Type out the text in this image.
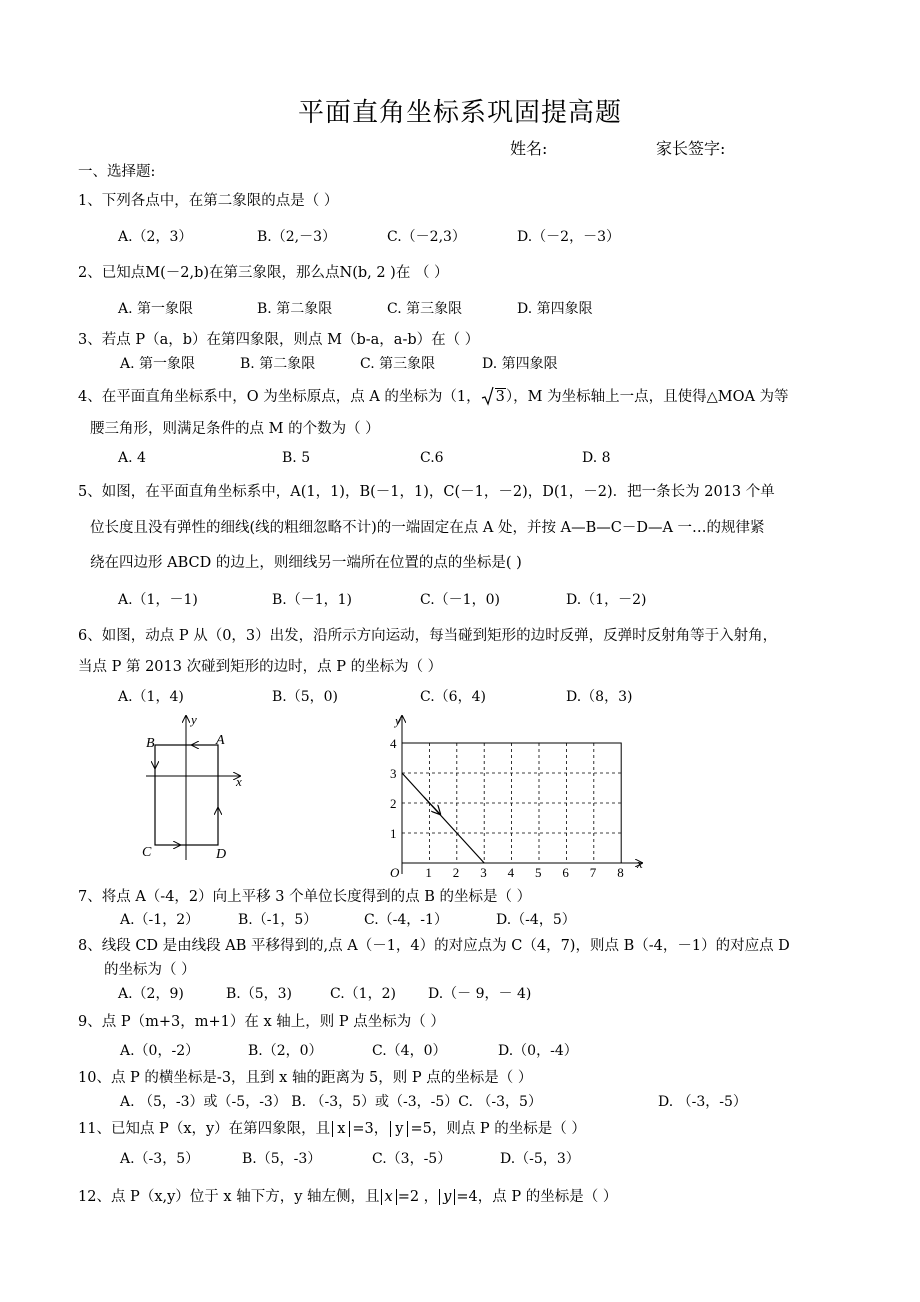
平面直角坐标系巩固提高题
姓名:	家长签字:
一、选择题:
1、下列各点中，在第二象限的点是（ ）
A.（2，3）	B.（2,－3）	C.（－2,3）	D.（－2，－3）
2、已知点M(－2,b)在第三象限，那么点N(b, 2 )在 （ ）
A. 第一象限	B. 第二象限	C. 第三象限	D. 第四象限
3、若点 P（a，b）在第四象限，则点 M（b-a，a-b）在（ ）
A. 第一象限	B. 第二象限	C. 第三象限	D. 第四象限
4、在平面直角坐标系中，O 为坐标原点，点 A 的坐标为（1， 3），M 为坐标轴上一点，且使得△MOA 为等
腰三角形，则满足条件的点 M 的个数为（ ）
A. 4	B. 5	C.6	D. 8
5、如图，在平面直角坐标系中，A(1，1)，B(－1，1)，C(－1，－2)，D(1，－2)．把一条长为 2013 个单
位长度且没有弹性的细线(线的粗细忽略不计)的一端固定在点 A 处，并按 A—B—C－D—A 一…的规律紧
绕在四边形 ABCD 的边上，则细线另一端所在位置的点的坐标是( )
A.（1，－1)	B.（－1，1)	C.（－1，0)	D.（1，－2)
6、如图，动点 P 从（0，3）出发，沿所示方向运动，每当碰到矩形的边时反弹，反弹时反射角等于入射角，
当点 P 第 2013 次碰到矩形的边时，点 P 的坐标为（ ）
A.（1，4)	B.（5，0)	C.（6，4)	D.（8，3)
A
B
C	D
x
y	y
x
O 1 2 3 4 5 6 7 8
1
2
3
4
7、将点 A（-4，2）向上平移 3 个单位长度得到的点 B 的坐标是（ ）
A.（-1，2）	B.（-1，5）	C.（-4，-1）	D.（-4，5）
8、线段 CD 是由线段 AB 平移得到的,点 A（－1，4）的对应点为 C（4，7)，则点 B（-4，－1）的对应点 D
的坐标为（ ）
A.（2，9)	B.（5，3)	C.（1，2) D.（－ 9，－ 4)
9、点 P（m+3，m+1）在 x 轴上，则 P 点坐标为（ ）
A.（0，-2）	B.（2，0）	C.（4，0）	D.（0，-4）
10、点 P 的横坐标是-3，且到 x 轴的距离为 5，则 P 点的坐标是（ ）
A. （5，-3）或（-5，-3） B. （-3，5）或（-3，-5）C. （-3，5）	D. （-3，-5）
11、已知点 P（x，y）在第四象限，且 x =3， y =5，则点 P 的坐标是（ ）
A.（-3，5）	B.（5，-3）	C.（3，-5）	D.（-5，3）
12、点 P（x,y）位于 x 轴下方，y 轴左侧，且 x =2 ， y =4，点 P 的坐标是（ ）
